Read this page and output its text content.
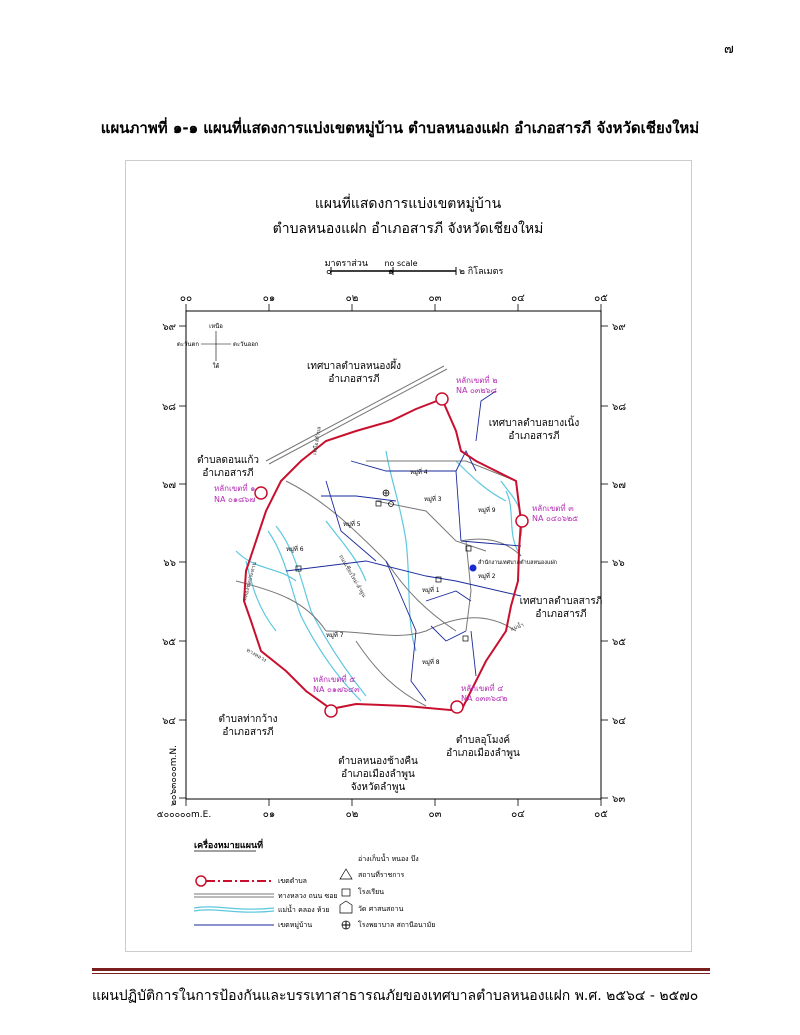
๗
แผนภาพที่ ๑-๑ แผนที่แสดงการแบ่งเขตหมู่บ้าน ตำบลหนองแฝก อำเภอสารภี จังหวัดเชียงใหม่
แผนที่แสดงการแบ่งเขตหมู่บ้าน
ตำบลหนองแฝก อำเภอสารภี จังหวัดเชียงใหม่
มาตราส่วน no scale
๐	๑	๒ กิโลเมตร
๐๐	๐๑	๐๒	๐๓	๐๔	๐๕
๐๑	๐๒	๐๓	๐๔	๐๕
๕๐๐๐๐๐m.E.
๖๙
๖๘
๖๗
๖๖
๖๕
๖๔
๖๙
๖๘
๖๗
๖๖
๖๕
๖๔
๖๓
๒๐๖๓๐๐๐m.N.
เหนือ
ใต้
ตะวันออก
ตะวันตก
หลักเขตที่ ๒
NA ๐๓๒๖๘
หลักเขตที่ ๑
NA ๐๑๘๖๗
หลักเขตที่ ๓
NA ๐๔๐๖๒๕
หลักเขตที่ ๕
NA ๐๑๗๖๔๓	หลักเขตที่ ๔
NA ๐๓๓๖๔๒
เทศบาลตำบลหนองผึ้ง
อำเภอสารภี
เทศบาลตำบลยางเนิ้ง
อำเภอสารภี
ตำบลดอนแก้ว
อำเภอสารภี
เทศบาลตำบลสารภี
อำเภอสารภี
ตำบลท่ากว้าง
อำเภอสารภี
ตำบลอุโมงค์
อำเภอเมืองลำพูน
ตำบลหนองช้างคืน
อำเภอเมืองลำพูน
จังหวัดลำพูน
หมู่ที่ 1
หมู่ที่ 2
หมู่ที่ 3
หมู่ที่ 4
หมู่ที่ 5
หมู่ที่ 6
หมู่ที่ 7
หมู่ที่ 8
หมู่ที่ 9
สำนักงานเทศบาลตำบลหนองแฝก
ถนนเชียงใหม่-ลำพูน
เหมืองตำบล
คลองชลประทาน
แม่น้ำ
ทางหลวง
เครื่องหมายแผนที่
เขตตำบล
ทางหลวง ถนน ซอย
แม่น้ำ คลอง ห้วย
เขตหมู่บ้าน
อ่างเก็บน้ำ หนอง บึง
สถานที่ราชการ
โรงเรียน
วัด ศาสนสถาน
โรงพยาบาล สถานีอนามัย
แผนปฏิบัติการในการป้องกันและบรรเทาสาธารณภัยของเทศบาลตำบลหนองแฝก พ.ศ. ๒๕๖๔ - ๒๕๗๐
